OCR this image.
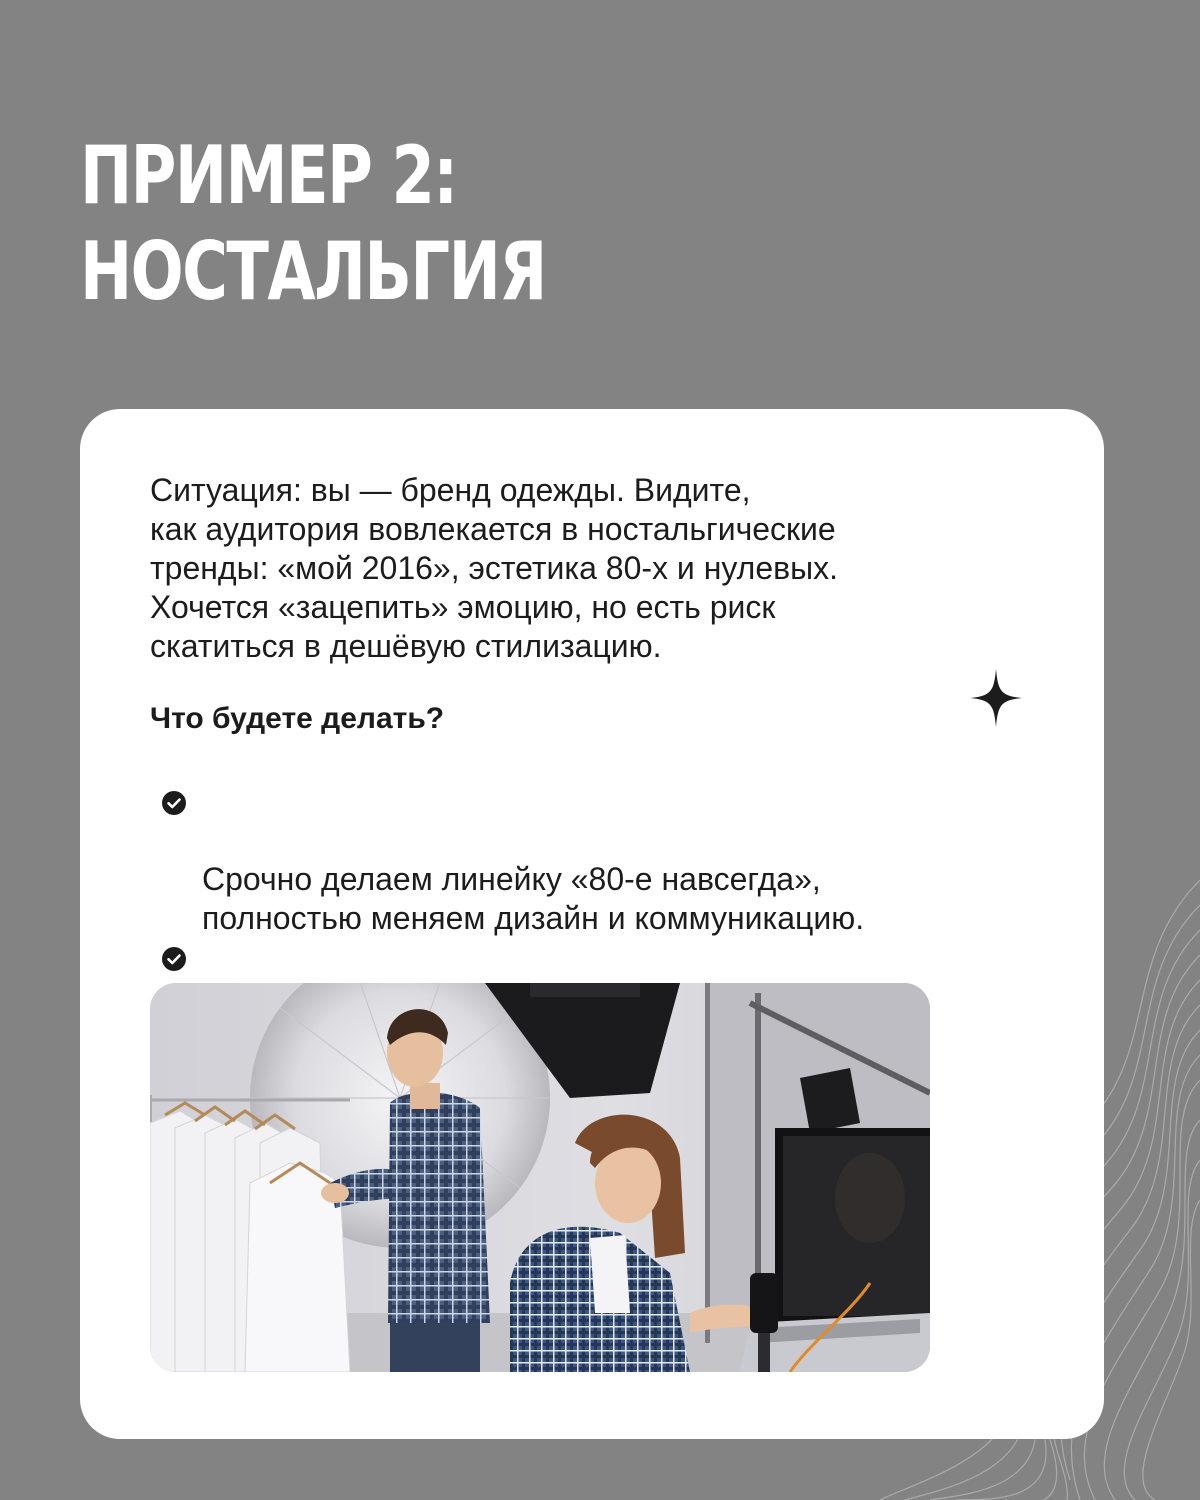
ПРИМЕР 2:
НОСТАЛЬГИЯ

Ситуация: вы — бренд одежды. Видите,
как аудитория вовлекается в ностальгические
тренды: «мой 2016», эстетика 80-х и нулевых.
Хочется «зацепить» эмоцию, но есть риск
скатиться в дешёвую стилизацию.

Что будете делать?

Срочно делаем линейку «80-е навсегда»,
полностью меняем дизайн и коммуникацию.
